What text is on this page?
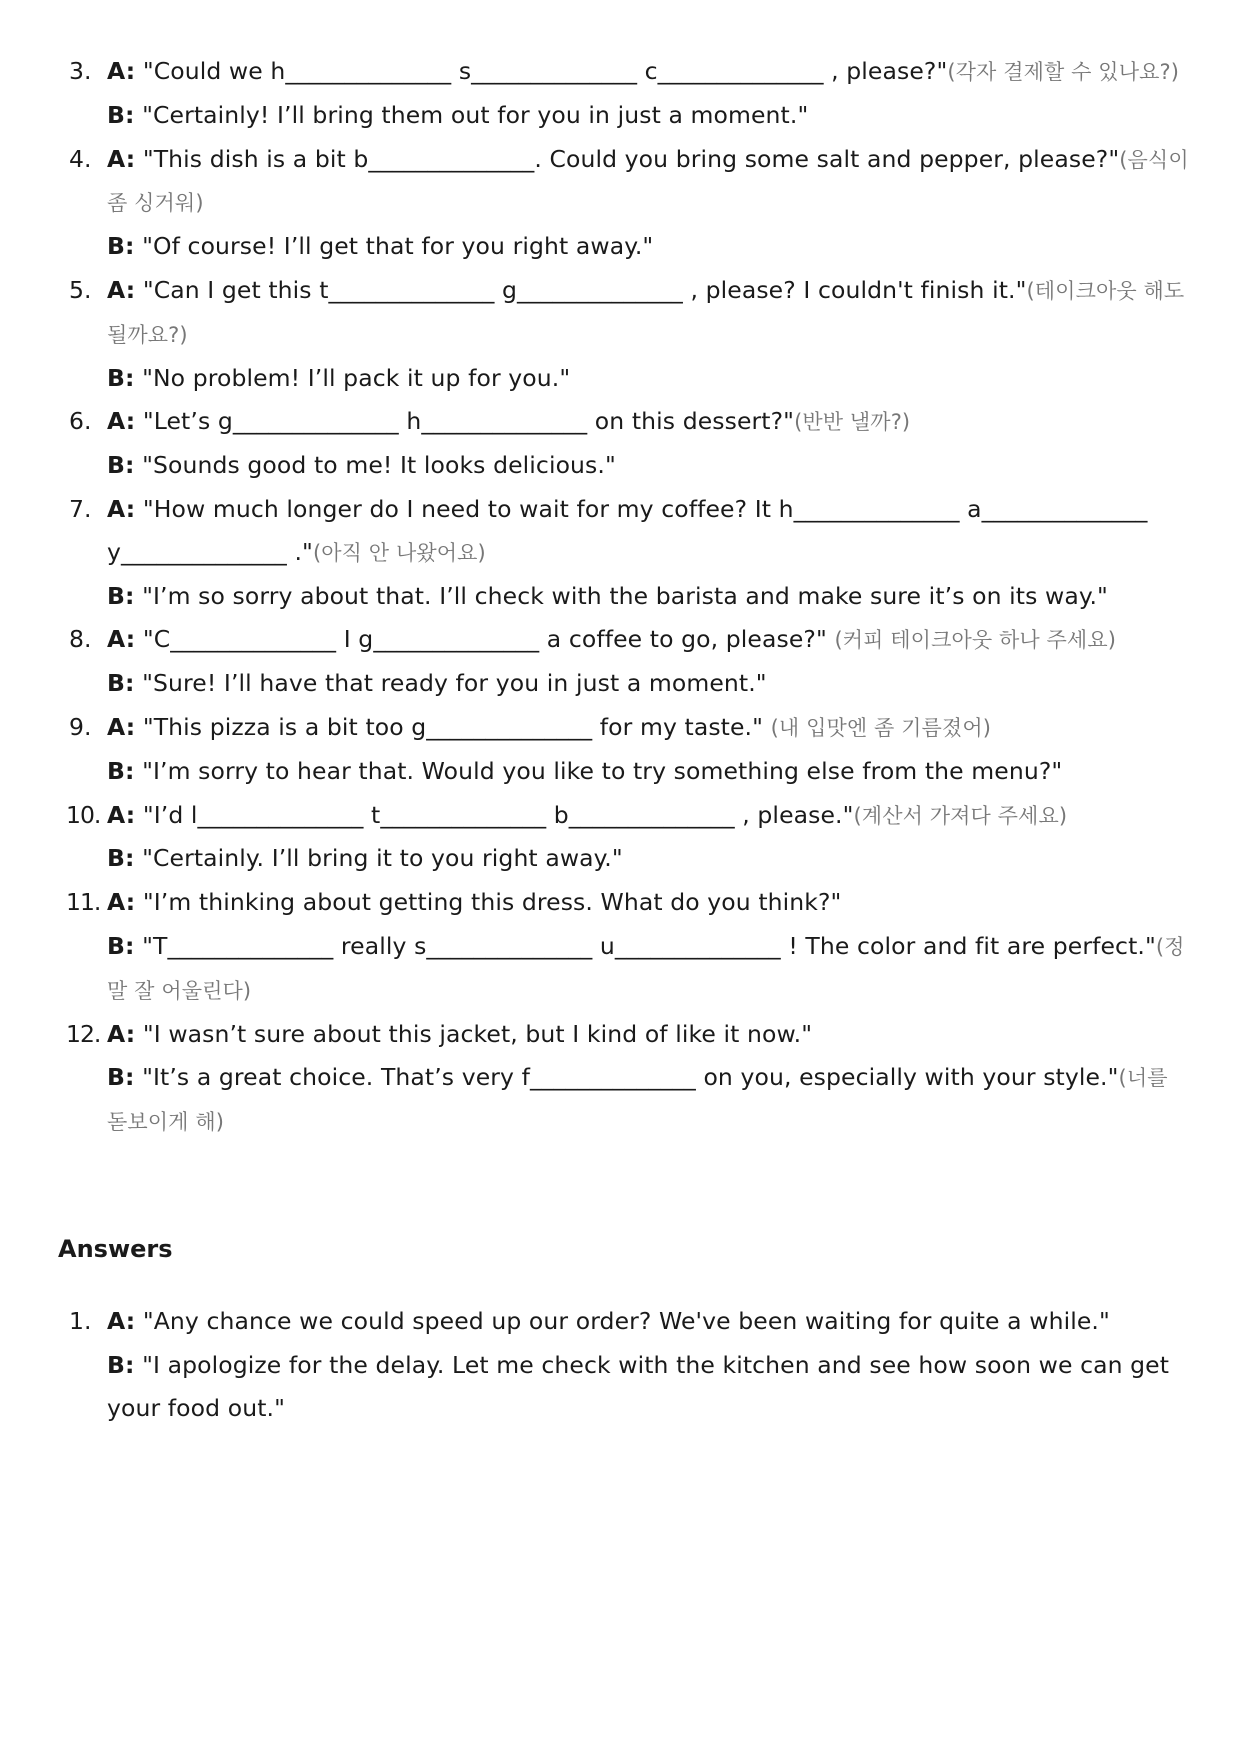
3. A: "Could we h______________ s______________ c______________ , please?"(각자 결제할 수 있나요?)
B: "Certainly! I’ll bring them out for you in just a moment."
4. A: "This dish is a bit b______________. Could you bring some salt and pepper, please?"(음식이 좀 싱거워)
B: "Of course! I’ll get that for you right away."
5. A: "Can I get this t______________ g______________ , please? I couldn't finish it."(테이크아웃 해도 될까요?)
B: "No problem! I’ll pack it up for you."
6. A: "Let’s g______________ h______________ on this dessert?"(반반 낼까?)
B: "Sounds good to me! It looks delicious."
7. A: "How much longer do I need to wait for my coffee? It h______________ a______________ y______________ ."(아직 안 나왔어요)
B: "I’m so sorry about that. I’ll check with the barista and make sure it’s on its way."
8. A: "C______________ I g______________ a coffee to go, please?" (커피 테이크아웃 하나 주세요)
B: "Sure! I’ll have that ready for you in just a moment."
9. A: "This pizza is a bit too g______________ for my taste." (내 입맛엔 좀 기름졌어)
B: "I’m sorry to hear that. Would you like to try something else from the menu?"
10. A: "I’d l______________ t______________ b______________ , please."(계산서 가져다 주세요)
B: "Certainly. I’ll bring it to you right away."
11. A: "I’m thinking about getting this dress. What do you think?"
B: "T______________ really s______________ u______________ ! The color and fit are perfect."(정말 잘 어울린다)
12. A: "I wasn’t sure about this jacket, but I kind of like it now."
B: "It’s a great choice. That’s very f______________ on you, especially with your style."(너를 돋보이게 해)
Answers
1. A: "Any chance we could speed up our order? We've been waiting for quite a while."
B: "I apologize for the delay. Let me check with the kitchen and see how soon we can get your food out."
